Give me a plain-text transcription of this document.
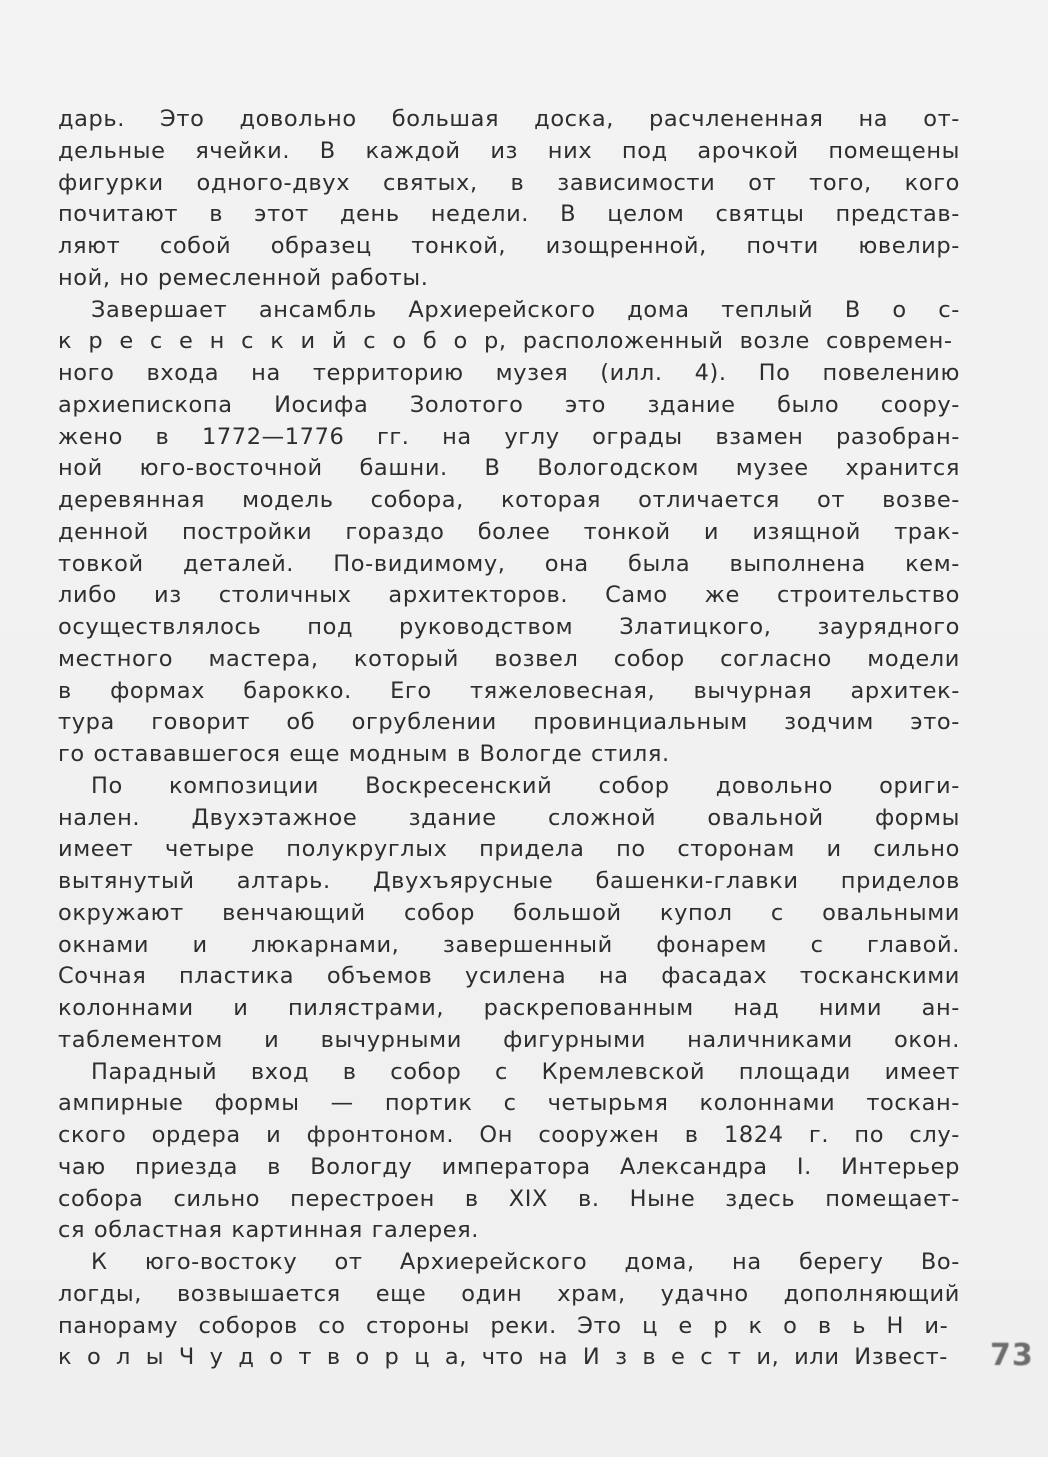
дарь. Это довольно большая доска, расчлененная на от-
дельные ячейки. В каждой из них под арочкой помещены
фигурки одного-двух святых, в зависимости от того, кого
почитают в этот день недели. В целом святцы представ-
ляют собой образец тонкой, изощренной, почти ювелир-
ной, но ремесленной работы.
Завершает ансамбль Архиерейского дома теплый В о с-
к р е с е н с к и й с о б о р, расположенный возле современ-
ного входа на территорию музея (илл. 4). По повелению
архиепископа Иосифа Золотого это здание было соору-
жено в 1772—1776 гг. на углу ограды взамен разобран-
ной юго-восточной башни. В Вологодском музее хранится
деревянная модель собора, которая отличается от возве-
денной постройки гораздо более тонкой и изящной трак-
товкой деталей. По-видимому, она была выполнена кем-
либо из столичных архитекторов. Само же строительство
осуществлялось под руководством Златицкого, заурядного
местного мастера, который возвел собор согласно модели
в формах барокко. Его тяжеловесная, вычурная архитек-
тура говорит об огрублении провинциальным зодчим это-
го остававшегося еще модным в Вологде стиля.
По композиции Воскресенский собор довольно ориги-
нален. Двухэтажное здание сложной овальной формы
имеет четыре полукруглых придела по сторонам и сильно
вытянутый алтарь. Двухъярусные башенки-главки приделов
окружают венчающий собор большой купол с овальными
окнами и люкарнами, завершенный фонарем с главой.
Сочная пластика объемов усилена на фасадах тосканскими
колоннами и пилястрами, раскрепованным над ними ан-
таблементом и вычурными фигурными наличниками окон.
Парадный вход в собор с Кремлевской площади имеет
ампирные формы — портик с четырьмя колоннами тоскан-
ского ордера и фронтоном. Он сооружен в 1824 г. по слу-
чаю приезда в Вологду императора Александра I. Интерьер
собора сильно перестроен в XIX в. Ныне здесь помещает-
ся областная картинная галерея.
К юго-востоку от Архиерейского дома, на берегу Во-
логды, возвышается еще один храм, удачно дополняющий
панораму соборов со стороны реки. Это ц е р к о в ь Н и-
к о л ы Ч у д о т в о р ц а, что на И з в е с т и, или Извест-	73
